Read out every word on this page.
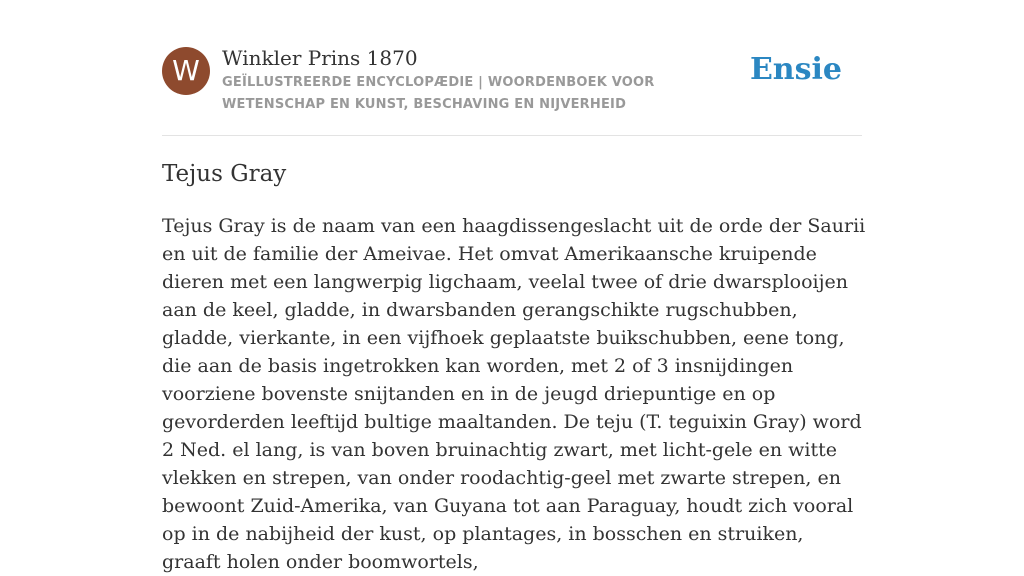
W	Winkler Prins 1870
GEÏLLUSTREERDE ENCYCLOPÆDIE | WOORDENBOEK VOOR WETENSCHAP EN KUNST, BESCHAVING EN NIJVERHEID
Ensie
Tejus Gray

Tejus Gray is de naam van een haagdissengeslacht uit de orde der Saurii en uit de familie der Ameivae. Het omvat Amerikaansche kruipende dieren met een langwerpig ligchaam, veelal twee of drie dwarsplooijen aan de keel, gladde, in dwarsbanden gerangschikte rugschubben, gladde, vierkante, in een vijfhoek geplaatste buikschubben, eene tong, die aan de basis ingetrokken kan worden, met 2 of 3 insnijdingen voorziene bovenste snijtanden en in de jeugd driepuntige en op gevorderden leeftijd bultige maaltanden. De teju (T. teguixin Gray) word 2 Ned. el lang, is van boven bruinachtig zwart, met licht-gele en witte vlekken en strepen, van onder roodachtig-geel met zwarte strepen, en bewoont Zuid-Amerika, van Guyana tot aan Paraguay, houdt zich vooral op in de nabijheid der kust, op plantages, in bosschen en struiken, graaft holen onder boomwortels,
